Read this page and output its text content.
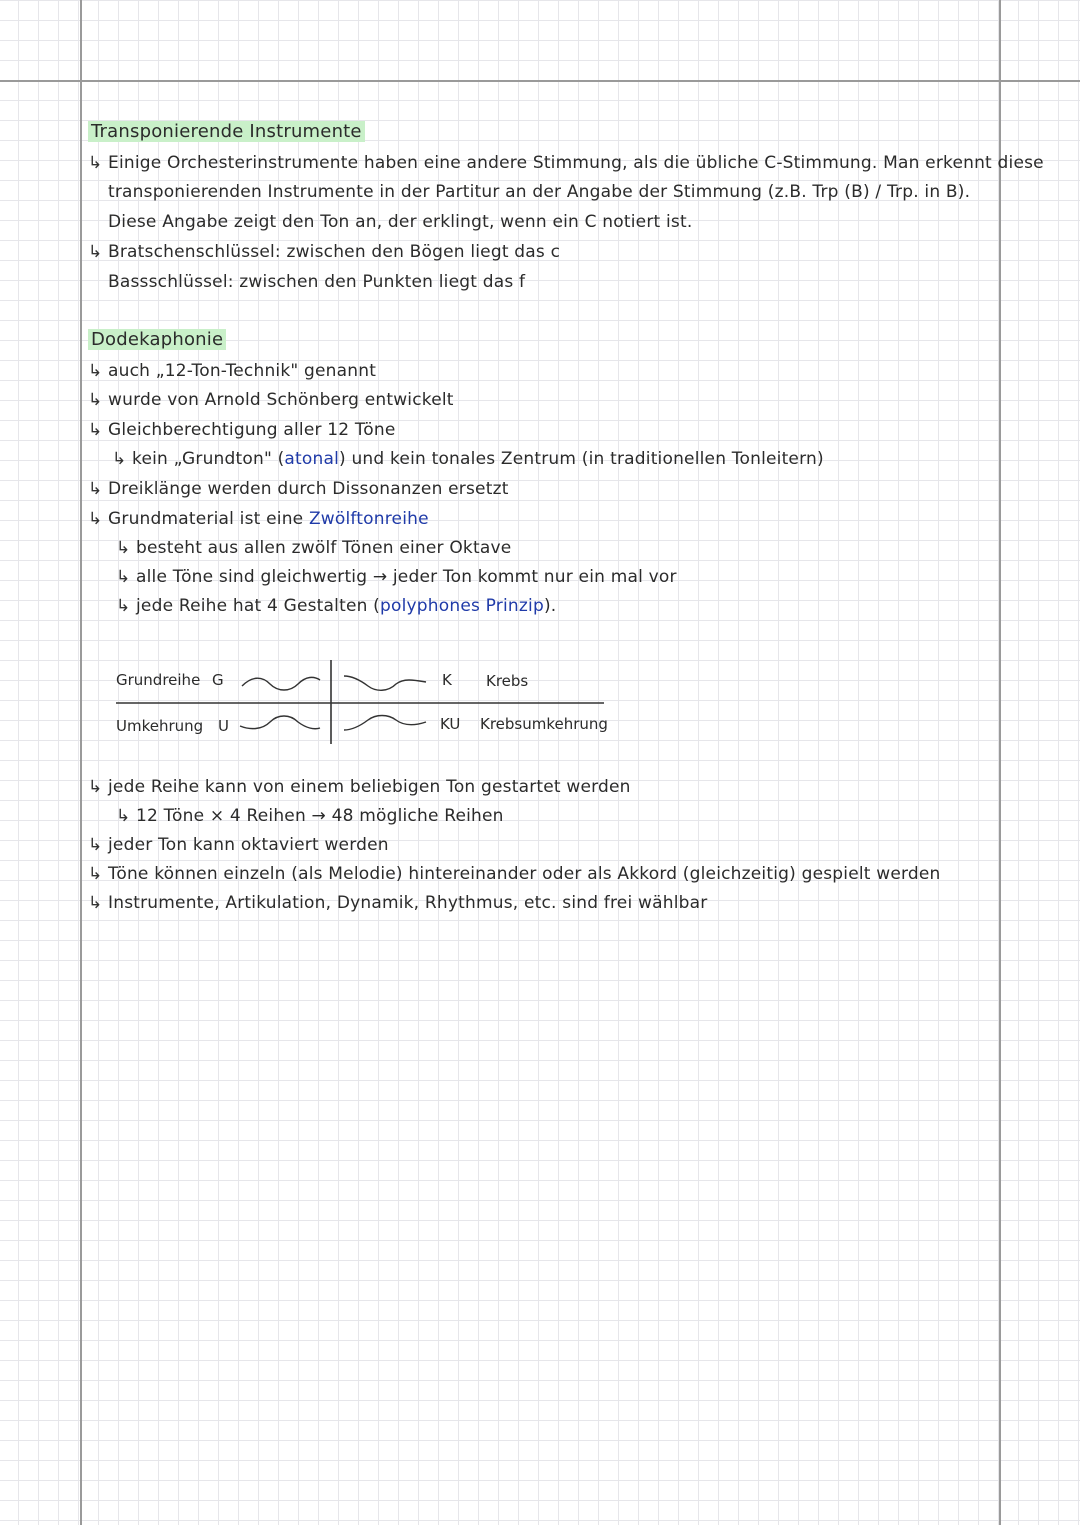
Transponierende Instrumente
↳ Einige Orchesterinstrumente haben eine andere Stimmung, als die übliche C-Stimmung. Man erkennt diese
transponierenden Instrumente in der Partitur an der Angabe der Stimmung (z.B. Trp (B) / Trp. in B).
Diese Angabe zeigt den Ton an, der erklingt, wenn ein C notiert ist.
↳ Bratschenschlüssel: zwischen den Bögen liegt das c
Bassschlüssel: zwischen den Punkten liegt das f
Dodekaphonie
↳ auch „12-Ton-Technik" genannt
↳ wurde von Arnold Schönberg entwickelt
↳ Gleichberechtigung aller 12 Töne
↳ kein „Grundton" (atonal) und kein tonales Zentrum (in traditionellen Tonleitern)
↳ Dreiklänge werden durch Dissonanzen ersetzt
↳ Grundmaterial ist eine Zwölftonreihe
↳ besteht aus allen zwölf Tönen einer Oktave
↳ alle Töne sind gleichwertig → jeder Ton kommt nur ein mal vor
↳ jede Reihe hat 4 Gestalten (polyphones Prinzip).
Grundreihe G	K Krebs
Umkehrung U	KU Krebsumkehrung
↳ jede Reihe kann von einem beliebigen Ton gestartet werden
↳ 12 Töne × 4 Reihen → 48 mögliche Reihen
↳ jeder Ton kann oktaviert werden
↳ Töne können einzeln (als Melodie) hintereinander oder als Akkord (gleichzeitig) gespielt werden
↳ Instrumente, Artikulation, Dynamik, Rhythmus, etc. sind frei wählbar
